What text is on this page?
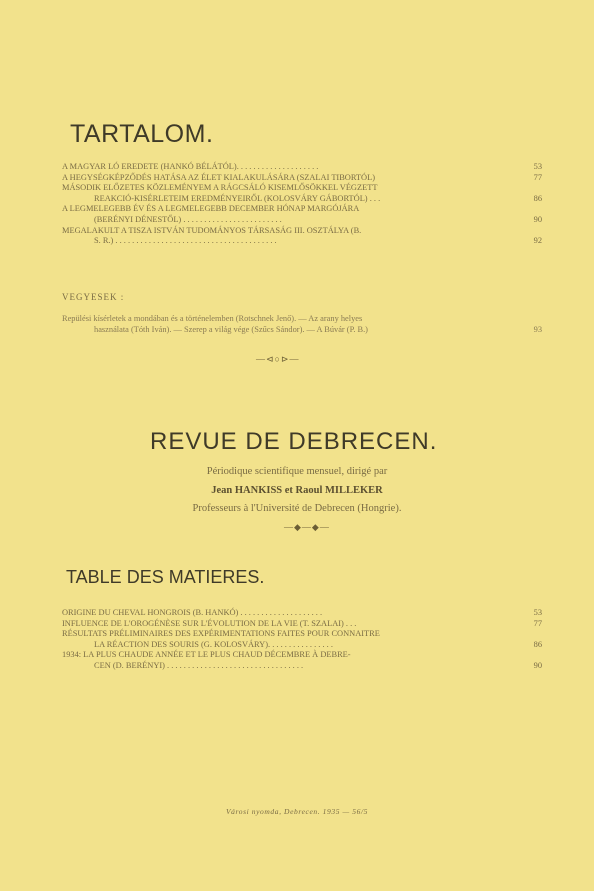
TARTALOM.
A MAGYAR LÓ EREDETE (HANKÓ BÉLÁTÓL). . . . . . . . . . . . . . . . . . . .	53
A HEGYSÉGKÉPZŐDÉS HATÁSA AZ ÉLET KIALAKULÁSÁRA (SZALAI TIBORTÓL)	77
MÁSODIK ELŐZETES KÖZLEMÉNYEM A RÁGCSÁLÓ KISEMLŐSÖKKEL VÉGZETT
REAKCIÓ-KISÉRLETEIM EREDMÉNYEIRŐL (KOLOSVÁRY GÁBORTÓL) . . .	86
A LEGMELEGEBB ÉV ÉS A LEGMELEGEBB DECEMBER HÓNAP MARGÓJÁRA
(BERÉNYI DÉNESTŐL) . . . . . . . . . . . . . . . . . . . . . . . .	90
MEGALAKULT A TISZA ISTVÁN TUDOMÁNYOS TÁRSASÁG III. OSZTÁLYA (B.
S. R.) . . . . . . . . . . . . . . . . . . . . . . . . . . . . . . . . . . . . . . .	92
VEGYESEK :
Repülési kísérletek a mondában és a történelemben (Rotschnek Jenő). — Az arany helyes
használata (Tóth Iván). — Szerep a világ vége (Szűcs Sándor). — A Búvár (P. B.)	93
—⊲○⊳—
REVUE DE DEBRECEN.
Périodique scientifique mensuel, dirigé par
Jean HANKISS et Raoul MILLEKER
Professeurs à l'Université de Debrecen (Hongrie).
—◆—◆—
TABLE DES MATIERES.
ORIGINE DU CHEVAL HONGROIS (B. HANKÓ) . . . . . . . . . . . . . . . . . . . .	53
INFLUENCE DE L'OROGÉNÈSE SUR L'ÉVOLUTION DE LA VIE (T. SZALAI) . . .	77
RÉSULTATS PRÉLIMINAIRES DES EXPÉRIMENTATIONS FAITES POUR CONNAITRE
LA RÉACTION DES SOURIS (G. KOLOSVÁRY). . . . . . . . . . . . . . . .	86
1934: LA PLUS CHAUDE ANNÉE ET LE PLUS CHAUD DÉCEMBRE À DEBRE-
CEN (D. BERÉNYI) . . . . . . . . . . . . . . . . . . . . . . . . . . . . . . . . .	90
Városi nyomda, Debrecen. 1935 — 56/5
